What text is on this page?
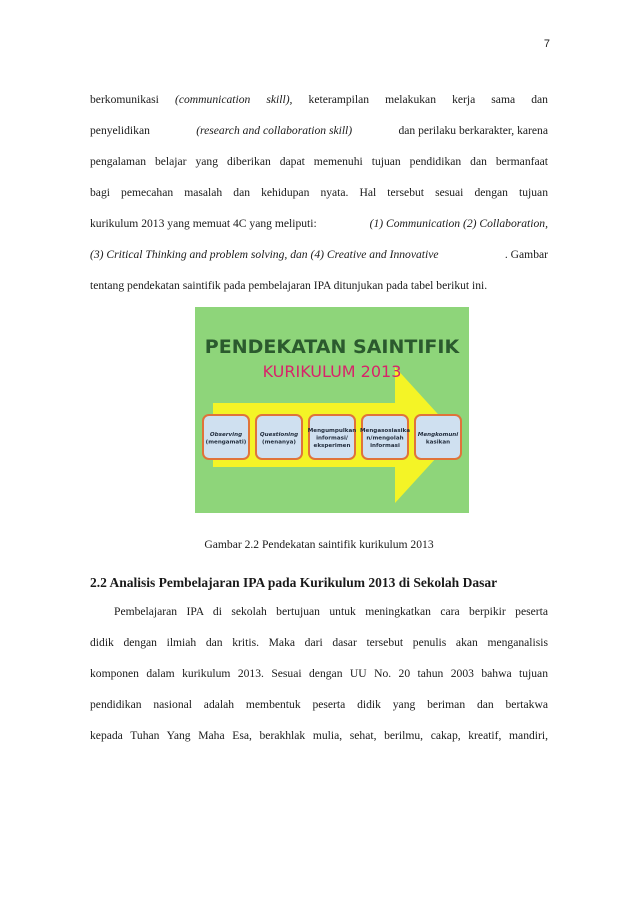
7
berkomunikasi (communication skill), keterampilan melakukan kerja sama dan
penyelidikan	(research and collaboration skill)	dan perilaku berkarakter, karena
pengalaman belajar yang diberikan dapat memenuhi tujuan pendidikan dan bermanfaat
bagi pemecahan masalah dan kehidupan nyata. Hal tersebut sesuai dengan tujuan
kurikulum 2013 yang memuat 4C yang meliputi:	(1) Communication (2) Collaboration,
(3) Critical Thinking and problem solving, dan (4) Creative and Innovative	. Gambar
tentang pendekatan saintifik pada pembelajaran IPA ditunjukan pada tabel berikut ini.
PENDEKATAN SAINTIFIK
KURIKULUM 2013
Observing
(mengamati)
Questioning
(menanya)
Mengumpulkan
informasi/
eksperimen
Mengasosiasika
n/mengolah
informasi
Mengkomuni
kasikan
Gambar 2.2 Pendekatan saintifik kurikulum 2013
2.2 Analisis Pembelajaran IPA pada Kurikulum 2013 di Sekolah Dasar
Pembelajaran IPA di sekolah bertujuan untuk meningkatkan cara berpikir peserta
didik dengan ilmiah dan kritis. Maka dari dasar tersebut penulis akan menganalisis
komponen dalam kurikulum 2013. Sesuai dengan UU No. 20 tahun 2003 bahwa tujuan
pendidikan nasional adalah membentuk peserta didik yang beriman dan bertakwa
kepada Tuhan Yang Maha Esa, berakhlak mulia, sehat, berilmu, cakap, kreatif, mandiri,
